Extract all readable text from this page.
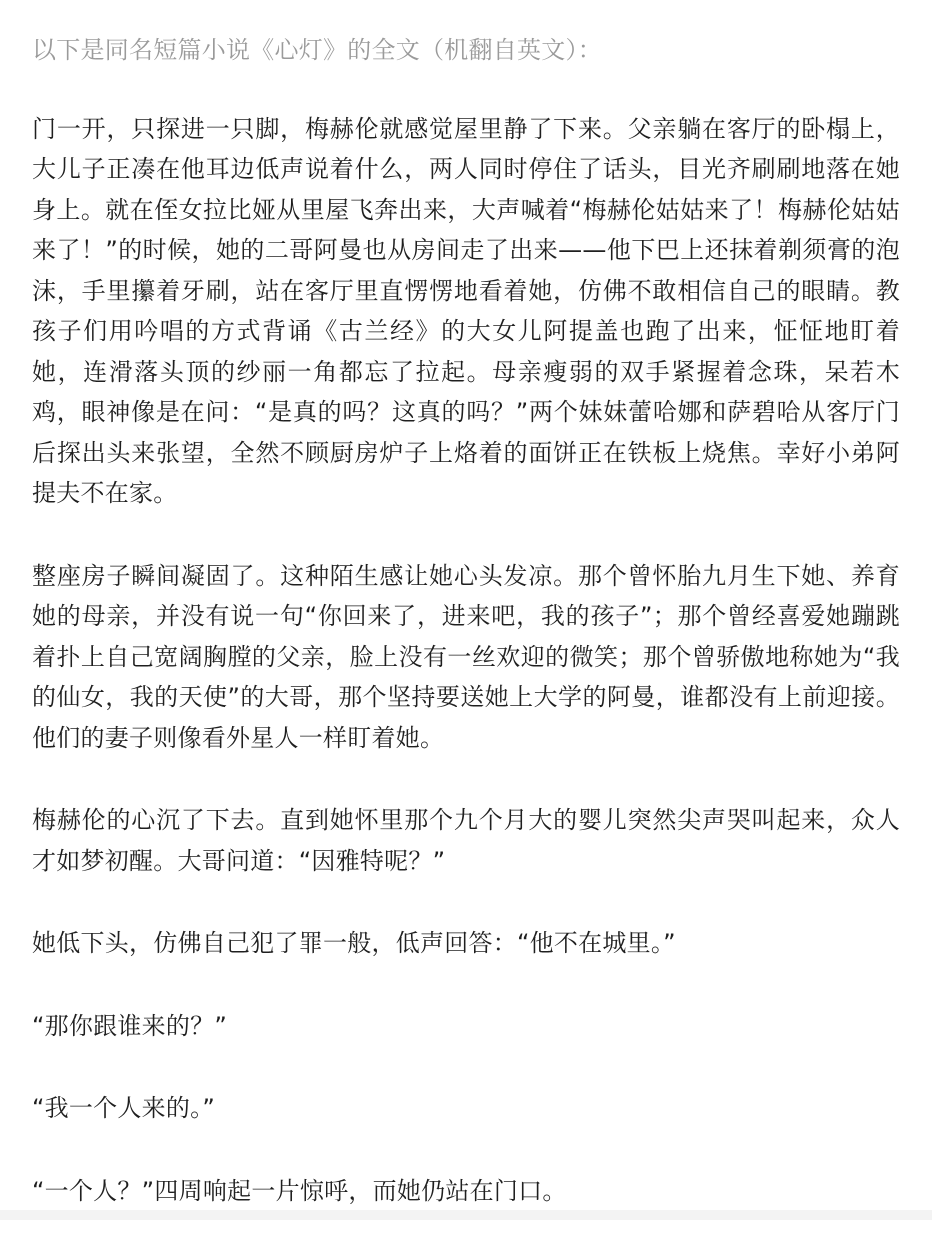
以下是同名短篇小说《心灯》的全文（机翻自英文）：

门一开，只探进一只脚，梅赫伦就感觉屋里静了下来。父亲躺在客厅的卧榻上，大儿子正凑在他耳边低声说着什么，两人同时停住了话头，目光齐刷刷地落在她身上。就在侄女拉比娅从里屋飞奔出来，大声喊着“梅赫伦姑姑来了！梅赫伦姑姑来了！”的时候，她的二哥阿曼也从房间走了出来——他下巴上还抹着剃须膏的泡沫，手里攥着牙刷，站在客厅里直愣愣地看着她，仿佛不敢相信自己的眼睛。教孩子们用吟唱的方式背诵《古兰经》的大女儿阿提盖也跑了出来，怔怔地盯着她，连滑落头顶的纱丽一角都忘了拉起。母亲瘦弱的双手紧握着念珠，呆若木鸡，眼神像是在问：“是真的吗？这真的吗？”两个妹妹蕾哈娜和萨碧哈从客厅门后探出头来张望，全然不顾厨房炉子上烙着的面饼正在铁板上烧焦。幸好小弟阿提夫不在家。

整座房子瞬间凝固了。这种陌生感让她心头发凉。那个曾怀胎九月生下她、养育她的母亲，并没有说一句“你回来了，进来吧，我的孩子”；那个曾经喜爱她蹦跳着扑上自己宽阔胸膛的父亲，脸上没有一丝欢迎的微笑；那个曾骄傲地称她为“我的仙女，我的天使”的大哥，那个坚持要送她上大学的阿曼，谁都没有上前迎接。他们的妻子则像看外星人一样盯着她。

梅赫伦的心沉了下去。直到她怀里那个九个月大的婴儿突然尖声哭叫起来，众人才如梦初醒。大哥问道：“因雅特呢？”

她低下头，仿佛自己犯了罪一般，低声回答：“他不在城里。”

“那你跟谁来的？”

“我一个人来的。”

“一个人？”四周响起一片惊呼，而她仍站在门口。
